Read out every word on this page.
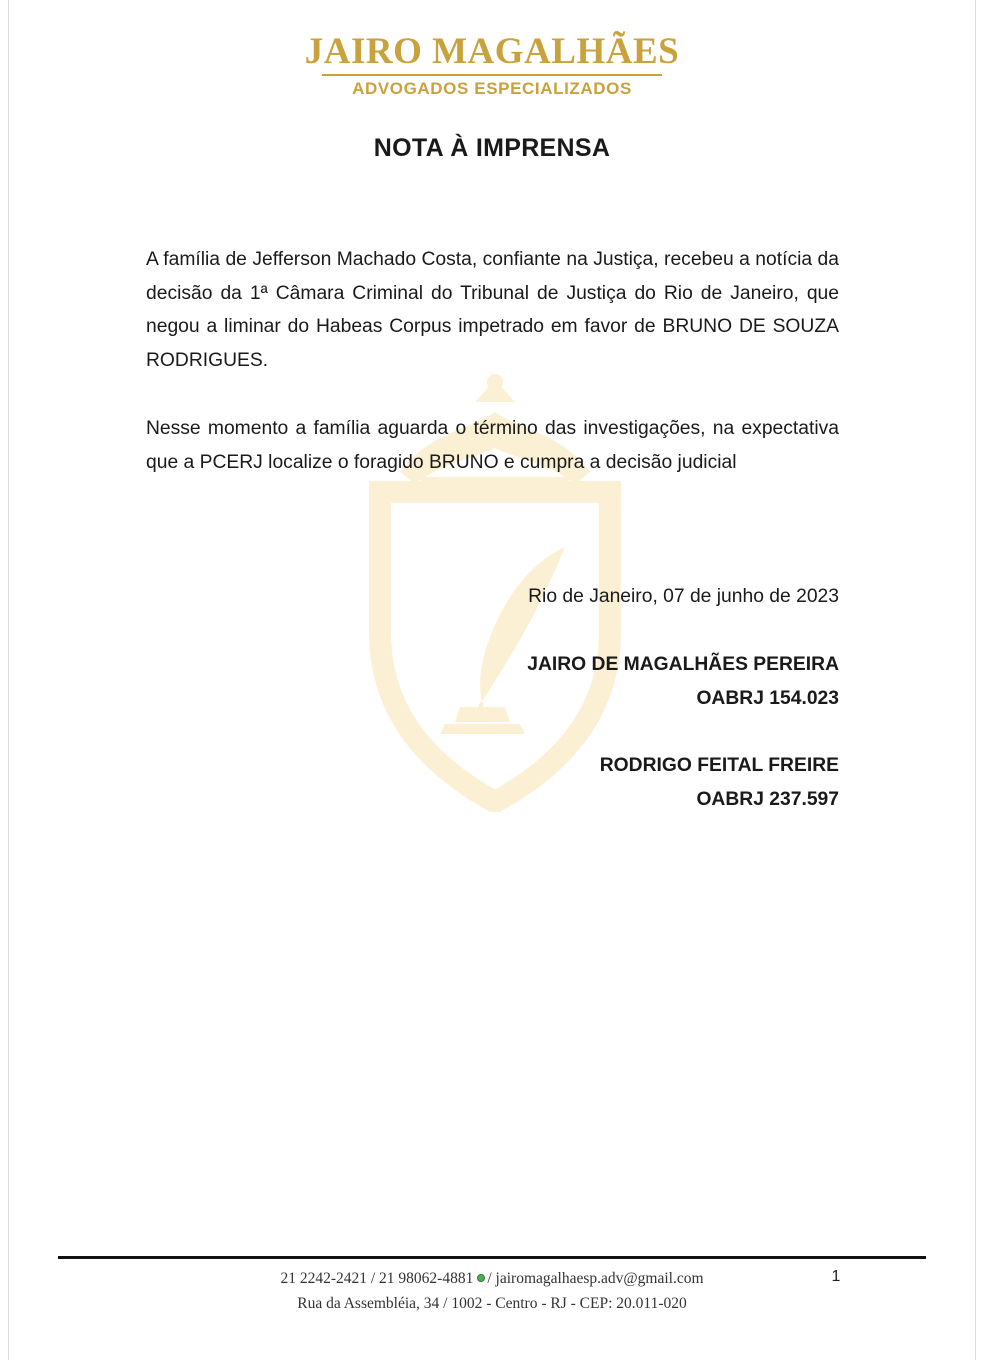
JAIRO MAGALHÃES
ADVOGADOS ESPECIALIZADOS
NOTA À IMPRENSA
A família de Jefferson Machado Costa, confiante na Justiça, recebeu a notícia da decisão da 1ª Câmara Criminal do Tribunal de Justiça do Rio de Janeiro, que negou a liminar do Habeas Corpus impetrado em favor de BRUNO DE SOUZA RODRIGUES.
Nesse momento a família aguarda o término das investigações, na expectativa que a PCERJ localize o foragido BRUNO e cumpra a decisão judicial
Rio de Janeiro, 07 de junho de 2023
JAIRO DE MAGALHÃES PEREIRA
OABRJ 154.023
RODRIGO FEITAL FREIRE
OABRJ 237.597
21 2242-2421 / 21 98062-4881 / jairomagalhaesp.adv@gmail.com
Rua da Assembléia, 34 / 1002 - Centro - RJ - CEP: 20.011-020
1
